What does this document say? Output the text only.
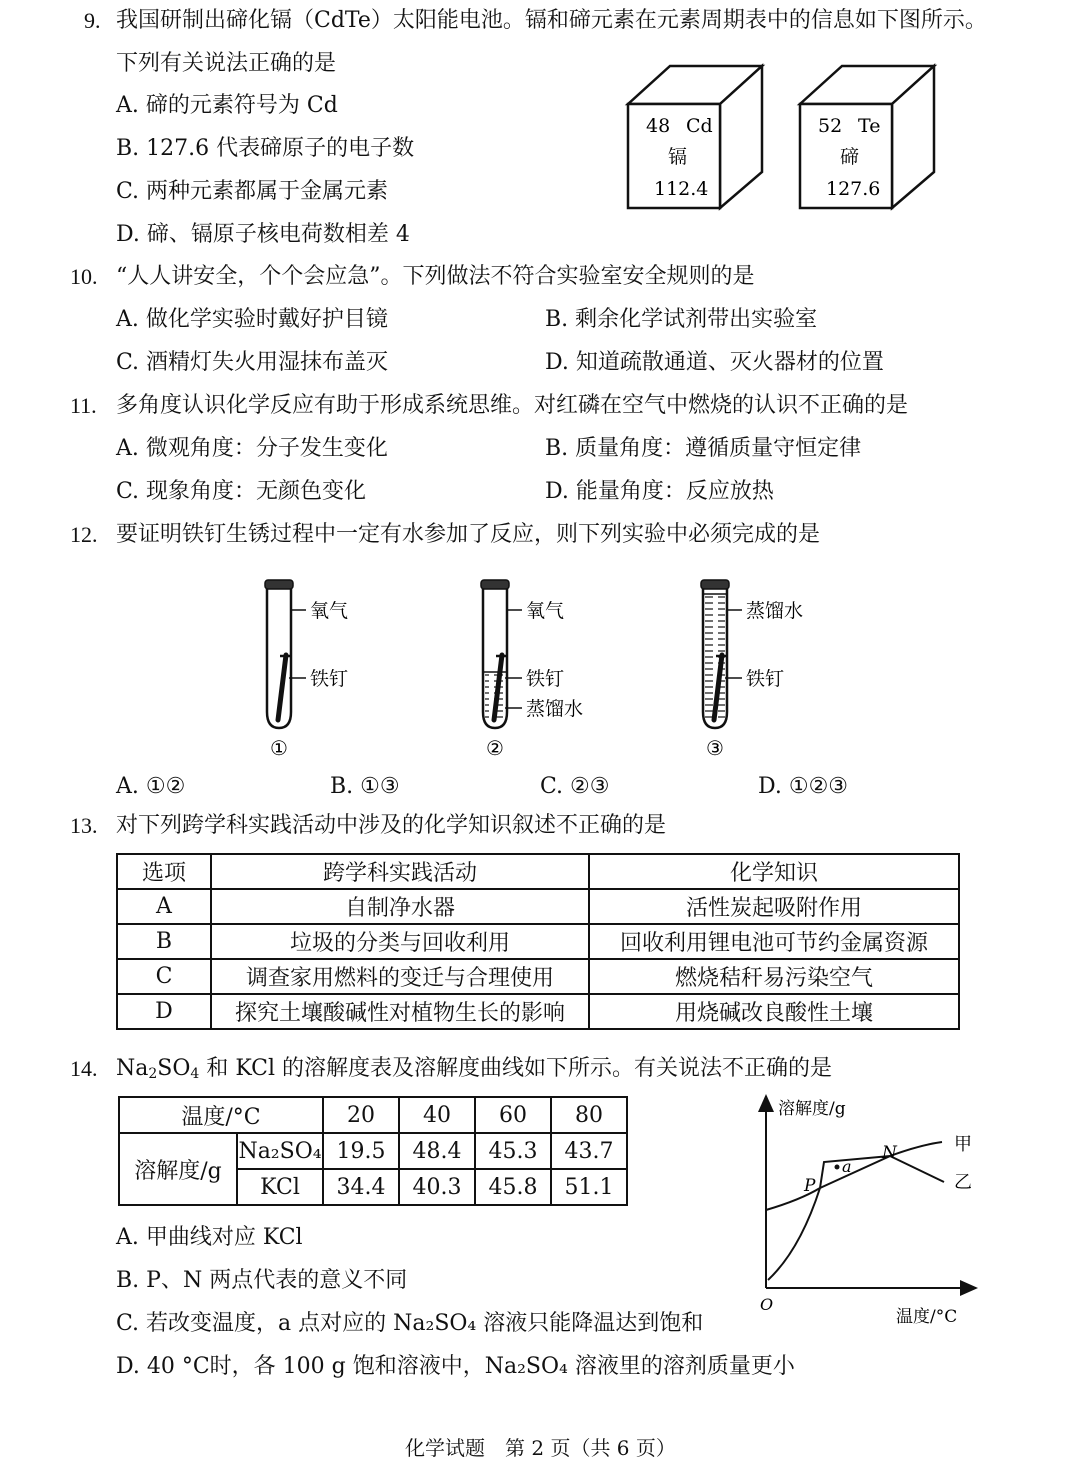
9. 我国研制出碲化镉（CdTe）太阳能电池。镉和碲元素在元素周期表中的信息如下图所示。
下列有关说法正确的是
A. 碲的元素符号为 Cd
B. 127.6 代表碲原子的电子数
C. 两种元素都属于金属元素
D. 碲、镉原子核电荷数相差 4
48 Cd
镉
112.4
52 Te
碲
127.6
10. “人人讲安全，个个会应急”。下列做法不符合实验室安全规则的是
A. 做化学实验时戴好护目镜	B. 剩余化学试剂带出实验室
C. 酒精灯失火用湿抹布盖灭	D. 知道疏散通道、灭火器材的位置
11. 多角度认识化学反应有助于形成系统思维。对红磷在空气中燃烧的认识不正确的是
A. 微观角度：分子发生变化	B. 质量角度：遵循质量守恒定律
C. 现象角度：无颜色变化	D. 能量角度：反应放热
12. 要证明铁钉生锈过程中一定有水参加了反应，则下列实验中必须完成的是
氧气
铁钉
①
氧气
铁钉
蒸馏水
②
蒸馏水
铁钉
③
A. ①②	B. ①③	C. ②③	D. ①②③
13. 对下列跨学科实践活动中涉及的化学知识叙述不正确的是
选项	跨学科实践活动	化学知识
A	自制净水器	活性炭起吸附作用
B	垃圾的分类与回收利用	回收利用锂电池可节约金属资源
C	调查家用燃料的变迁与合理使用	燃烧秸秆易污染空气
D	探究土壤酸碱性对植物生长的影响	用烧碱改良酸性土壤
14. $Na_2SO_4$ 和 KCl 的溶解度表及溶解度曲线如下所示。有关说法不正确的是
温度/°C		20	40	60	80
溶解度/g	Na₂SO₄	19.5	48.4	45.3	43.7
	KCl	34.4	40.3	45.8	51.1
溶解度/g
温度/°C
O
甲
乙
P
N
a
A. 甲曲线对应 KCl
B. P、N 两点代表的意义不同
C. 若改变温度，a 点对应的 Na₂SO₄ 溶液只能降温达到饱和
D. 40 °C时，各 100 g 饱和溶液中，Na₂SO₄ 溶液里的溶剂质量更小
化学试题　第 2 页（共 6 页）
